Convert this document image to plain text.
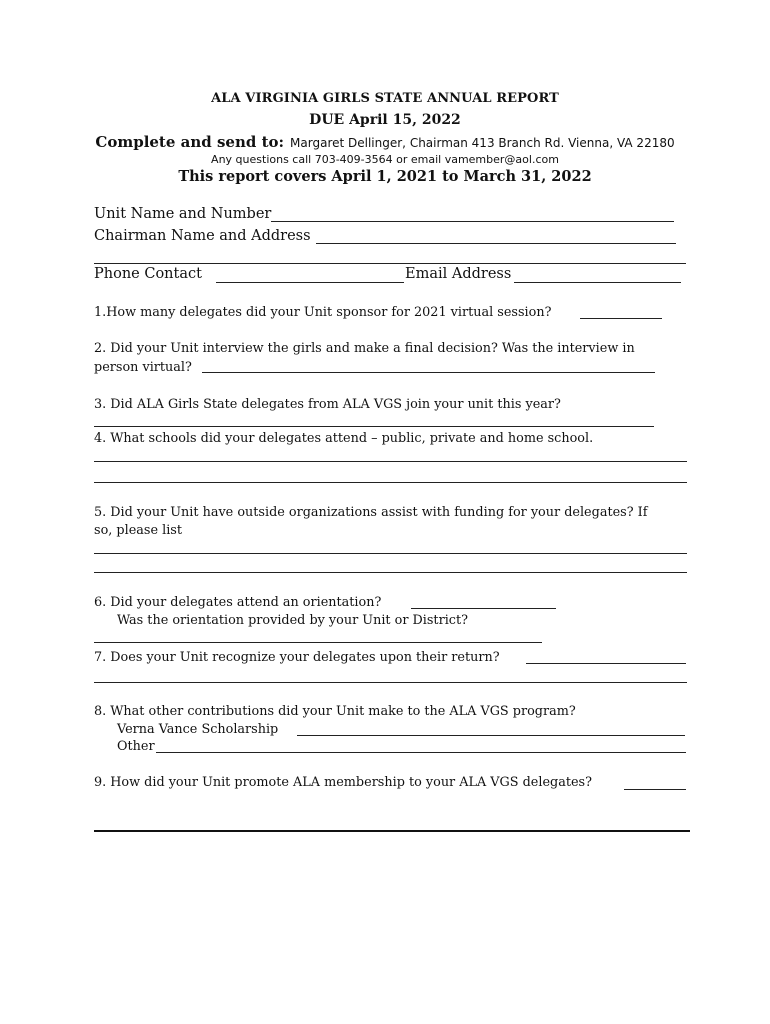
ALA VIRGINIA GIRLS STATE ANNUAL REPORT
DUE April 15, 2022
Complete and send to: Margaret Dellinger, Chairman 413 Branch Rd. Vienna, VA 22180
Any questions call 703-409-3564 or email vamember@aol.com
This report covers April 1, 2021 to March 31, 2022
Unit Name and Number
Chairman Name and Address
Phone Contact	Email Address
1.How many delegates did your Unit sponsor for 2021 virtual session?
2. Did your Unit interview the girls and make a final decision? Was the interview in
person virtual?
3. Did ALA Girls State delegates from ALA VGS join your unit this year?
4. What schools did your delegates attend – public, private and home school.
5. Did your Unit have outside organizations assist with funding for your delegates? If
so, please list
6. Did your delegates attend an orientation?
Was the orientation provided by your Unit or District?
7. Does your Unit recognize your delegates upon their return?
8. What other contributions did your Unit make to the ALA VGS program?
Verna Vance Scholarship
Other
9. How did your Unit promote ALA membership to your ALA VGS delegates?
